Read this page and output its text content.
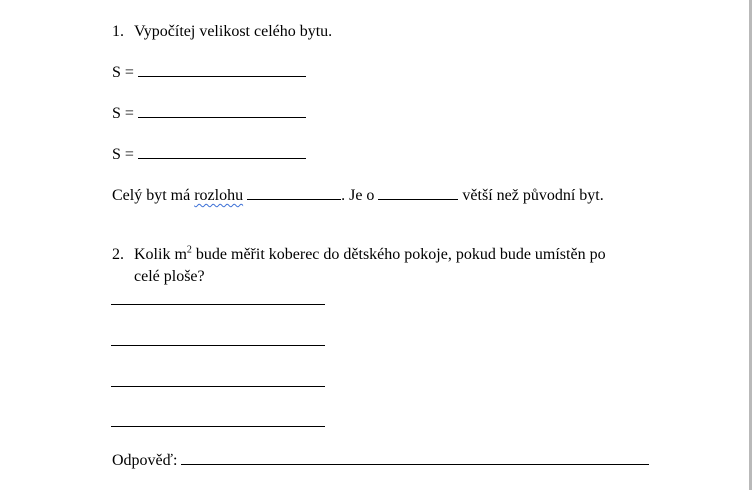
1. Vypočítej velikost celého bytu.
S =
S =
S =
Celý byt má rozlohu	. Je o	větší než původní byt.
2. Kolik $m^2$ bude měřit koberec do dětského pokoje, pokud bude umístěn po
celé ploše?
Odpověď:
